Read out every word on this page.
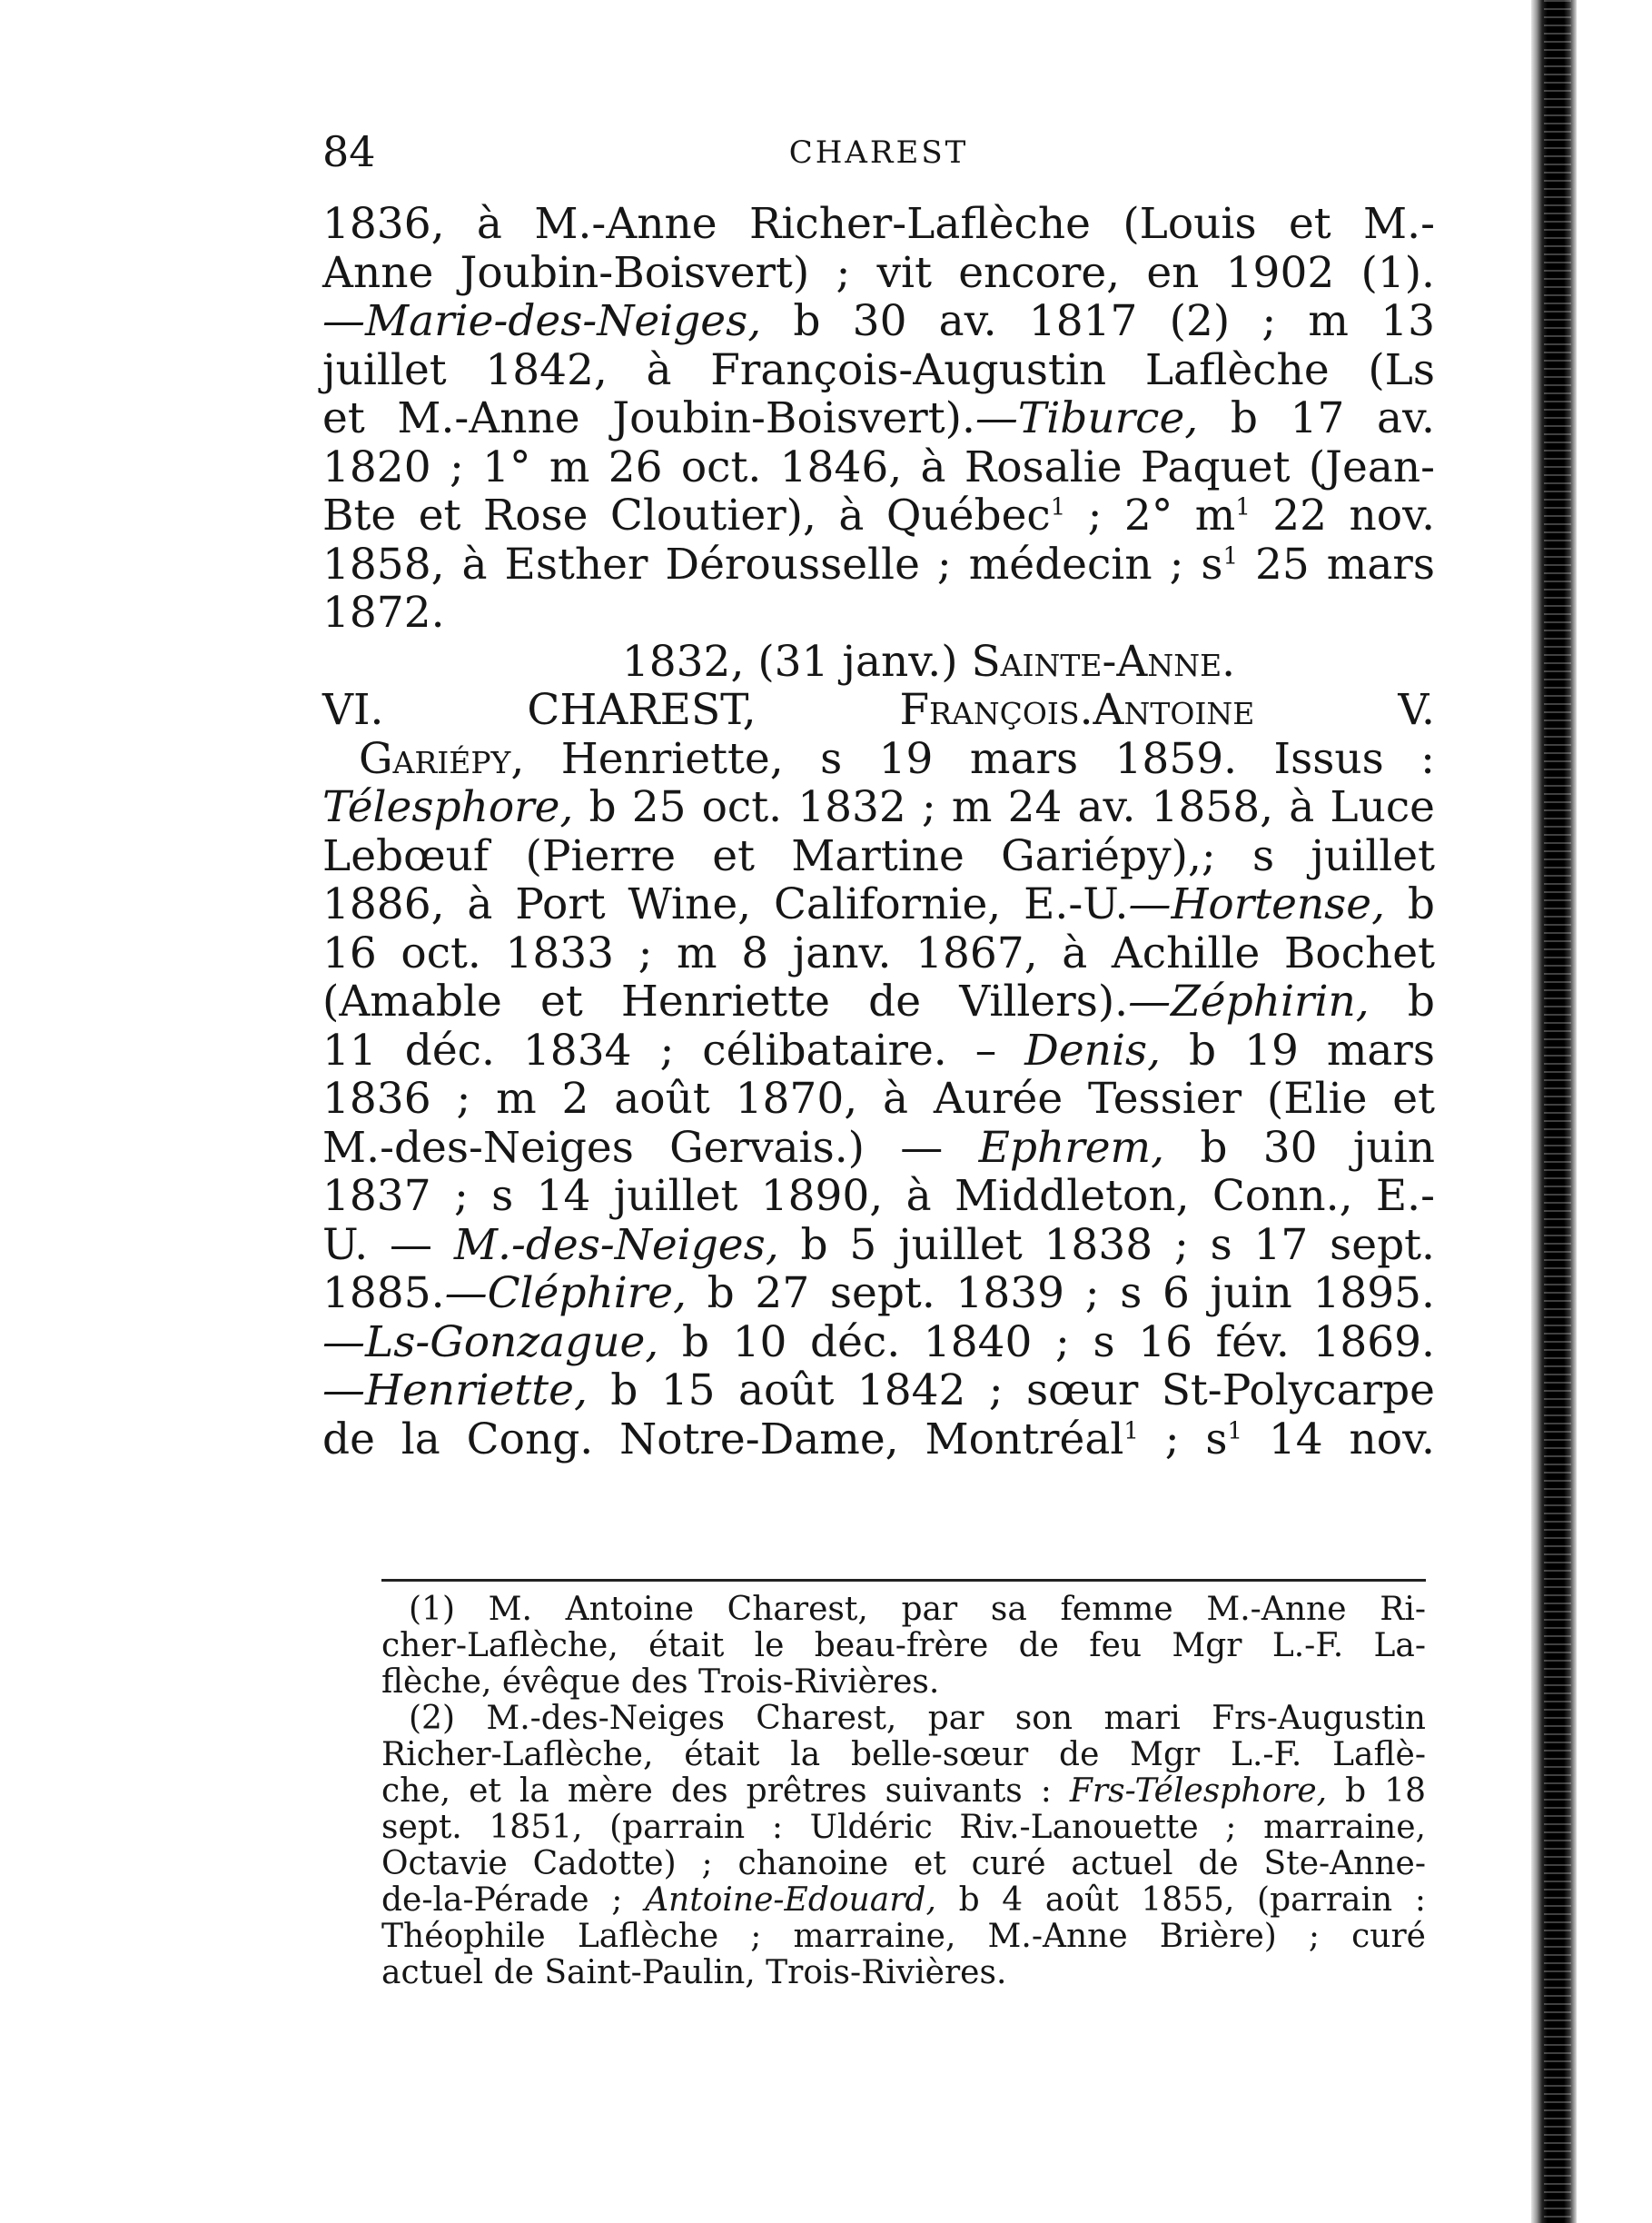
84	CHAREST
1836, à M.-Anne Richer-Laflèche (Louis et M.-
Anne Joubin-Boisvert) ; vit encore, en 1902 (1).
—Marie-des-Neiges, b 30 av. 1817 (2) ; m 13
juillet 1842, à François-Augustin Laflèche (Ls
et M.-Anne Joubin-Boisvert).—Tiburce, b 17 av.
1820 ; 1° m 26 oct. 1846, à Rosalie Paquet (Jean-
Bte et Rose Cloutier), à Québec$^1$ ; 2° $m^1$ 22 nov.
1858, à Esther Dérousselle ; médecin ; $s^1$ 25 mars
1872.
1832, (31 janv.) Sainte-Anne.
VI. CHAREST, François.Antoine V.
Gariépy, Henriette, s 19 mars 1859. Issus :
Télesphore, b 25 oct. 1832 ; m 24 av. 1858, à Luce
Lebœuf (Pierre et Martine Gariépy),; s juillet
1886, à Port Wine, Californie, E.-U.—Hortense, b
16 oct. 1833 ; m 8 janv. 1867, à Achille Bochet
(Amable et Henriette de Villers).—Zéphirin, b
11 déc. 1834 ; célibataire. – Denis, b 19 mars
1836 ; m 2 août 1870, à Aurée Tessier (Elie et
M.-des-Neiges Gervais.) — Ephrem, b 30 juin
1837 ; s 14 juillet 1890, à Middleton, Conn., E.-
U. — M.-des-Neiges, b 5 juillet 1838 ; s 17 sept.
1885.—Cléphire, b 27 sept. 1839 ; s 6 juin 1895.
—Ls-Gonzague, b 10 déc. 1840 ; s 16 fév. 1869.
—Henriette, b 15 août 1842 ; sœur St-Polycarpe
de la Cong. Notre-Dame, Montréal$^1$ ; $s^1$ 14 nov.
(1) M. Antoine Charest, par sa femme M.-Anne Ri-
cher-Laflèche, était le beau-frère de feu Mgr L.-F. La-
flèche, évêque des Trois-Rivières.
(2) M.-des-Neiges Charest, par son mari Frs-Augustin
Richer-Laflèche, était la belle-sœur de Mgr L.-F. Laflè-
che, et la mère des prêtres suivants : Frs-Télesphore, b 18
sept. 1851, (parrain : Uldéric Riv.-Lanouette ; marraine,
Octavie Cadotte) ; chanoine et curé actuel de Ste-Anne-
de-la-Pérade ; Antoine-Edouard, b 4 août 1855, (parrain :
Théophile Laflèche ; marraine, M.-Anne Brière) ; curé
actuel de Saint-Paulin, Trois-Rivières.
